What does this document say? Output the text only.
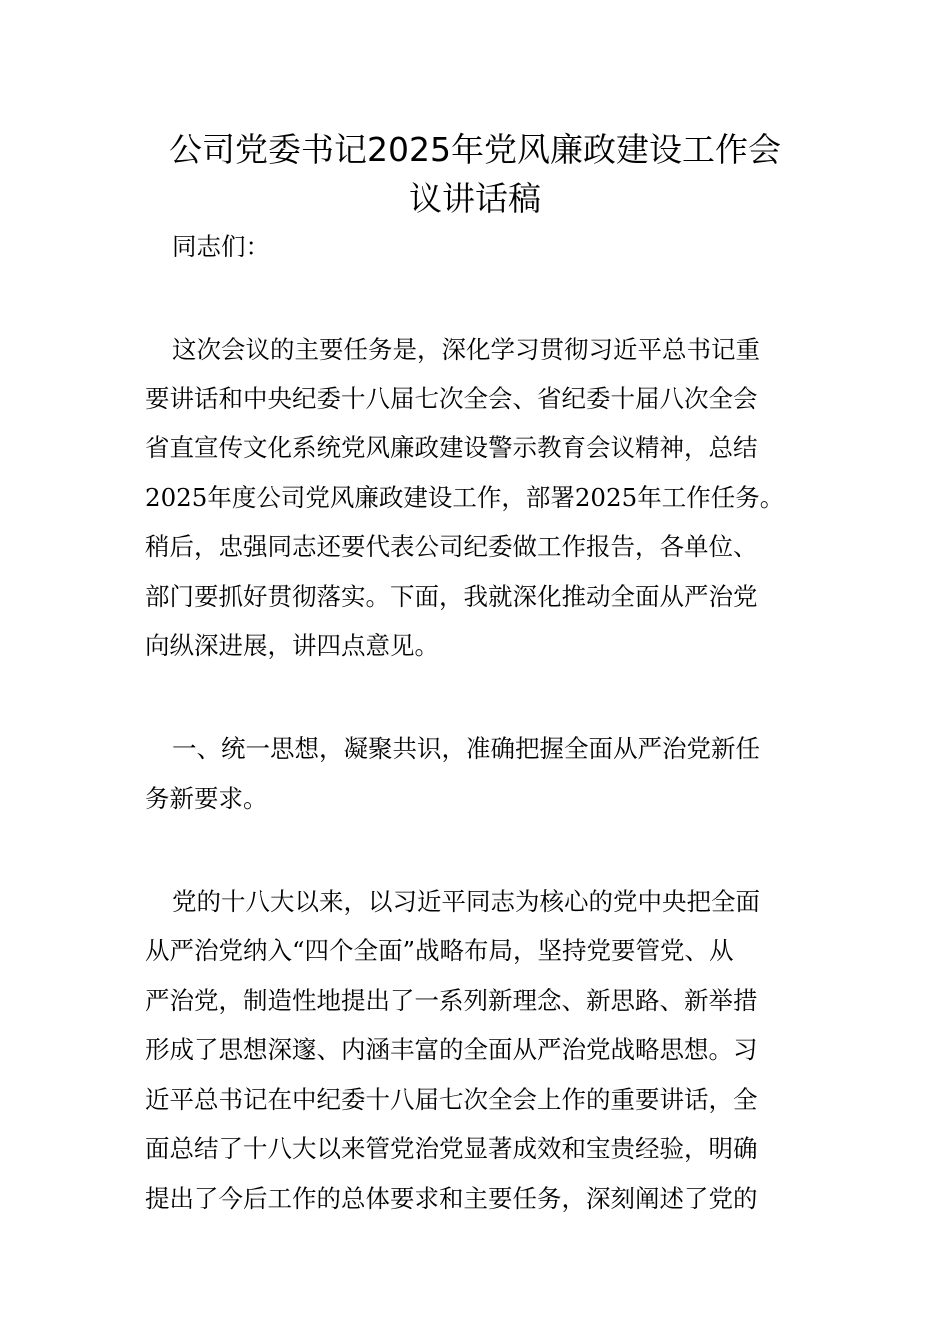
公司党委书记2025年党风廉政建设工作会
议讲话稿

同志们：

这次会议的主要任务是，深化学习贯彻习近平总书记重

要讲话和中央纪委十八届七次全会、省纪委十届八次全会

省直宣传文化系统党风廉政建设警示教育会议精神，总结

2025年度公司党风廉政建设工作，部署2025年工作任务。

稍后，忠强同志还要代表公司纪委做工作报告，各单位、

部门要抓好贯彻落实。下面，我就深化推动全面从严治党

向纵深进展，讲四点意见。

一、统一思想，凝聚共识，准确把握全面从严治党新任

务新要求。

党的十八大以来，以习近平同志为核心的党中央把全面

从严治党纳入“四个全面”战略布局，坚持党要管党、从

严治党，制造性地提出了一系列新理念、新思路、新举措

形成了思想深邃、内涵丰富的全面从严治党战略思想。习

近平总书记在中纪委十八届七次全会上作的重要讲话，全

面总结了十八大以来管党治党显著成效和宝贵经验，明确

提出了今后工作的总体要求和主要任务，深刻阐述了党的
